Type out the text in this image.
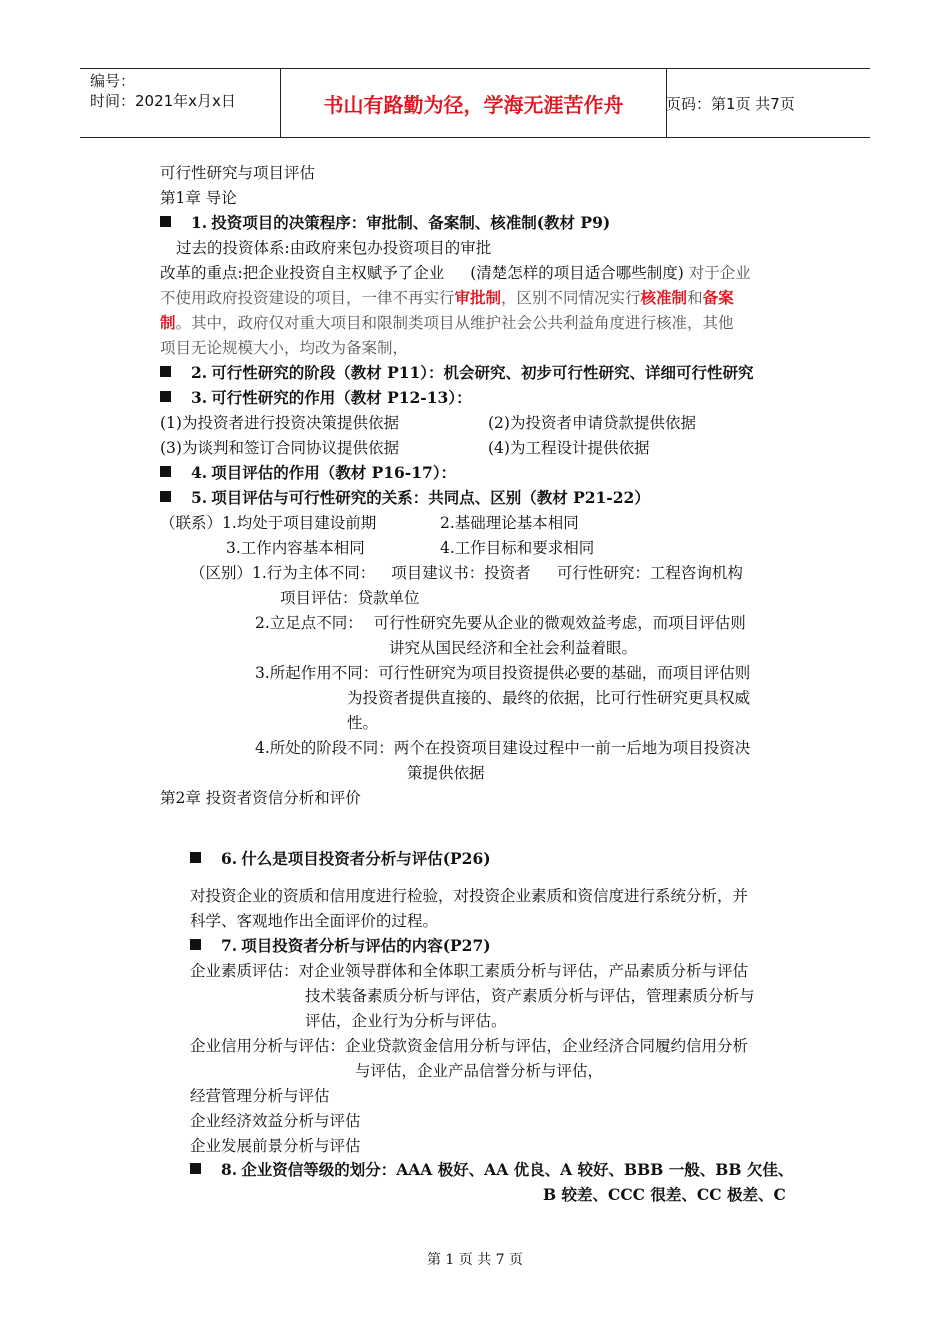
编号：
时间：2021年x月x日	书山有路勤为径，学海无涯苦作舟	页码：第1页 共7页
可行性研究与项目评估
第1章 导论
1. 投资项目的决策程序：审批制、备案制、核准制(教材 P9)
过去的投资体系:由政府来包办投资项目的审批
改革的重点:把企业投资自主权赋予了企业 (清楚怎样的项目适合哪些制度) 对于企业
不使用政府投资建设的项目，一律不再实行审批制，区别不同情况实行核准制和备案
制。其中，政府仅对重大项目和限制类项目从维护社会公共利益角度进行核准，其他
项目无论规模大小，均改为备案制，
2. 可行性研究的阶段（教材 P11）：机会研究、初步可行性研究、详细可行性研究
3. 可行性研究的作用（教材 P12-13）：
(1)为投资者进行投资决策提供依据	(2)为投资者申请贷款提供依据
(3)为谈判和签订合同协议提供依据	(4)为工程设计提供依据
4. 项目评估的作用（教材 P16-17）：
5. 项目评估与可行性研究的关系：共同点、区别（教材 P21-22）
（联系）1.均处于项目建设前期	2.基础理论基本相同
3.工作内容基本相同	4.工作目标和要求相同
（区别）1.行为主体不同： 项目建议书：投资者 可行性研究：工程咨询机构
项目评估：贷款单位
2.立足点不同： 可行性研究先要从企业的微观效益考虑，而项目评估则
讲究从国民经济和全社会利益着眼。
3.所起作用不同：可行性研究为项目投资提供必要的基础，而项目评估则
为投资者提供直接的、最终的依据，比可行性研究更具权威
性。
4.所处的阶段不同：两个在投资项目建设过程中一前一后地为项目投资决
策提供依据
第2章 投资者资信分析和评价
6. 什么是项目投资者分析与评估(P26)
对投资企业的资质和信用度进行检验，对投资企业素质和资信度进行系统分析，并
科学、客观地作出全面评价的过程。
7. 项目投资者分析与评估的内容(P27)
企业素质评估：对企业领导群体和全体职工素质分析与评估，产品素质分析与评估
技术装备素质分析与评估，资产素质分析与评估，管理素质分析与
评估，企业行为分析与评估。
企业信用分析与评估：企业贷款资金信用分析与评估，企业经济合同履约信用分析
与评估，企业产品信誉分析与评估，
经营管理分析与评估
企业经济效益分析与评估
企业发展前景分析与评估
8. 企业资信等级的划分：AAA 极好、AA 优良、A 较好、BBB 一般、BB 欠佳、
B 较差、CCC 很差、CC 极差、C
第 1 页 共 7 页
